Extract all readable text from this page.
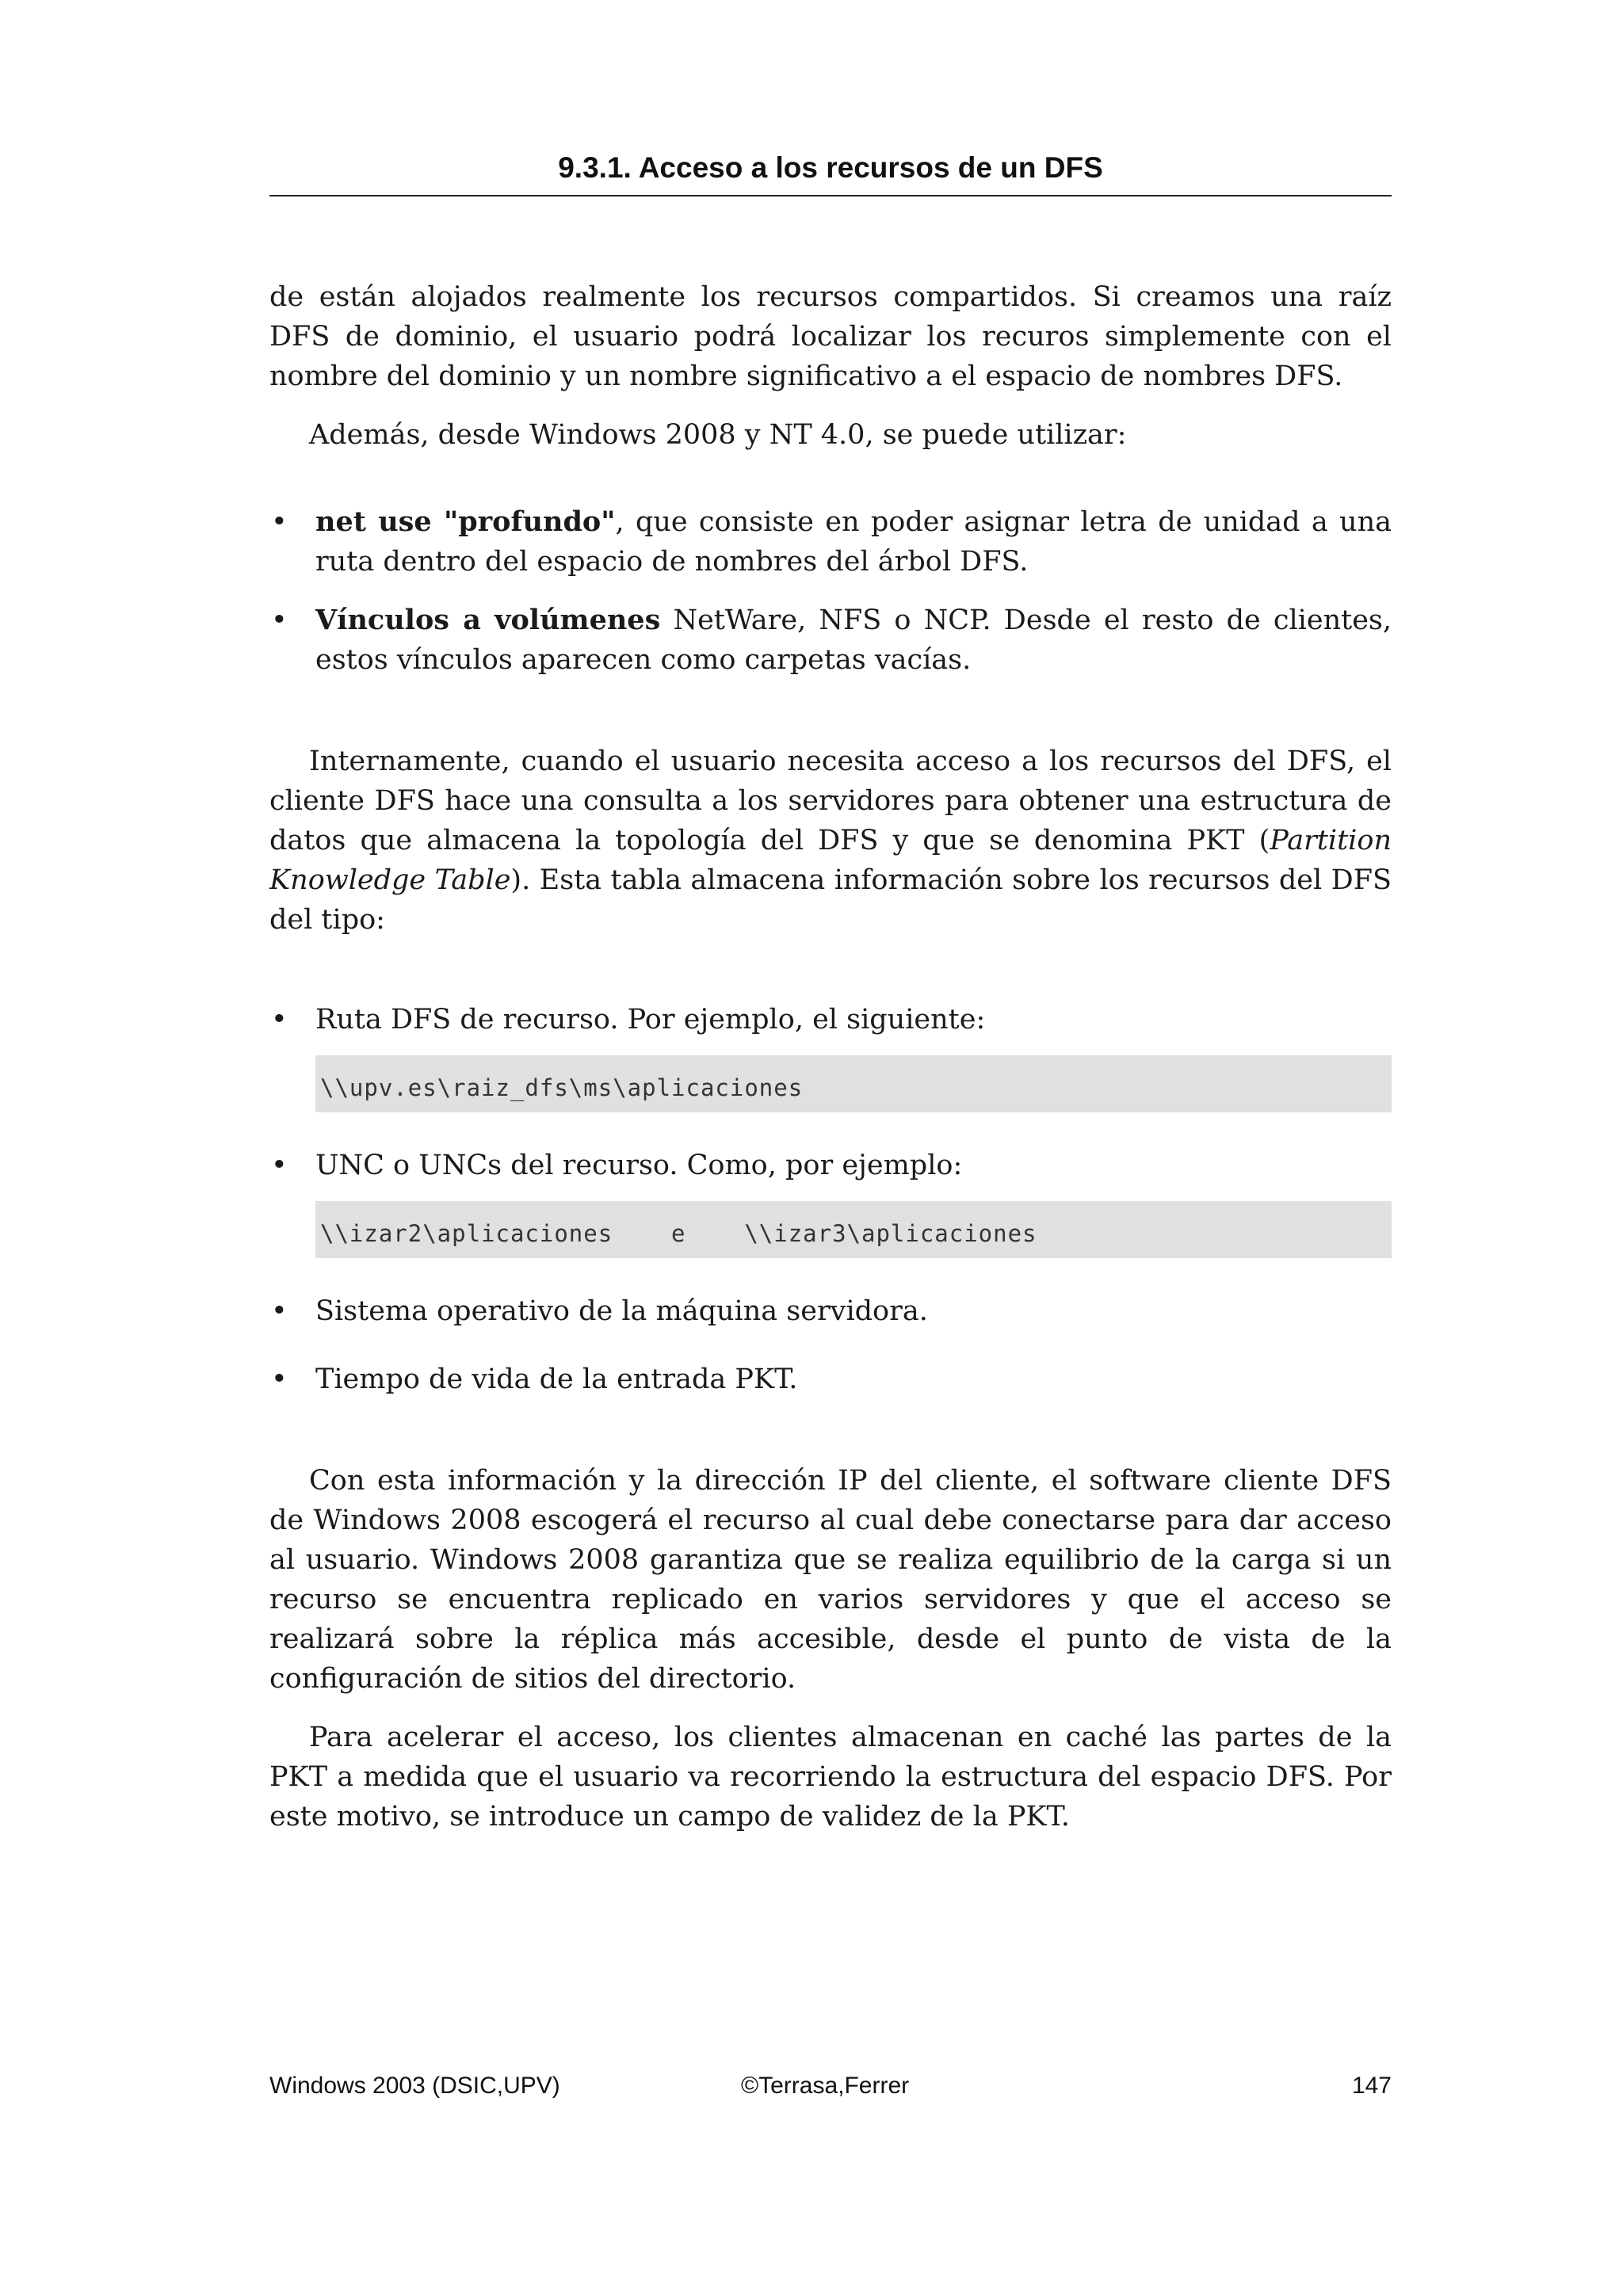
9.3.1. Acceso a los recursos de un DFS

de están alojados realmente los recursos compartidos. Si creamos una raíz DFS de dominio, el usuario podrá localizar los recuros simplemente con el nombre del dominio y un nombre significativo a el espacio de nombres DFS.

Además, desde Windows 2008 y NT 4.0, se puede utilizar:

• net use "profundo", que consiste en poder asignar letra de unidad a una ruta dentro del espacio de nombres del árbol DFS.
• Vínculos a volúmenes NetWare, NFS o NCP. Desde el resto de clientes, estos vínculos aparecen como carpetas vacías.

Internamente, cuando el usuario necesita acceso a los recursos del DFS, el cliente DFS hace una consulta a los servidores para obtener una estructura de datos que almacena la topología del DFS y que se denomina PKT (Partition Knowledge Table). Esta tabla almacena información sobre los recursos del DFS del tipo:

• Ruta DFS de recurso. Por ejemplo, el siguiente:
\\upv.es\raiz_dfs\ms\aplicaciones
• UNC o UNCs del recurso. Como, por ejemplo:
\\izar2\aplicaciones    e    \\izar3\aplicaciones
• Sistema operativo de la máquina servidora.
• Tiempo de vida de la entrada PKT.

Con esta información y la dirección IP del cliente, el software cliente DFS de Windows 2008 escogerá el recurso al cual debe conectarse para dar acceso al usuario. Windows 2008 garantiza que se realiza equilibrio de la carga si un recurso se encuentra replicado en varios servidores y que el acceso se realizará sobre la réplica más accesible, desde el punto de vista de la configuración de sitios del directorio.

Para acelerar el acceso, los clientes almacenan en caché las partes de la PKT a medida que el usuario va recorriendo la estructura del espacio DFS. Por este motivo, se introduce un campo de validez de la PKT.

Windows 2003 (DSIC,UPV)	©Terrasa,Ferrer	147
